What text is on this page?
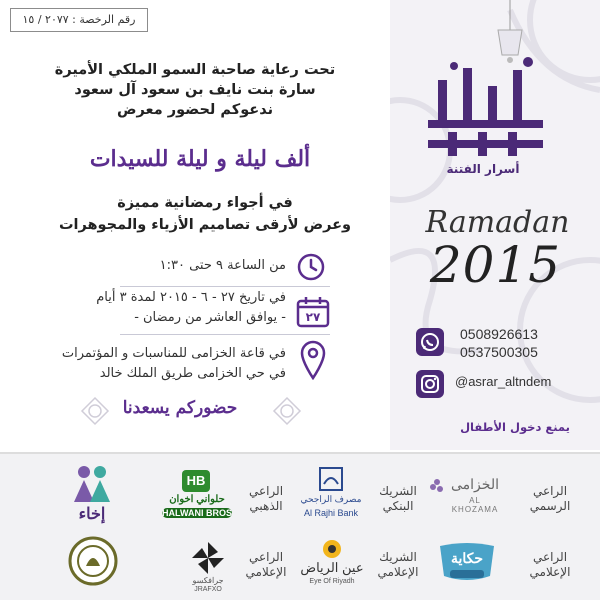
رقم الرخصة : ٢٠٧٧ / ١٥
تحت رعاية صاحبة السمو الملكي الأميرة
سارة بنت نايف بن سعود آل سعود
ندعوكم لحضور معرض
ألف ليلة و ليلة للسيدات
في أجواء رمضانية مميزة
وعرض لأرقى تصاميم الأزياء والمجوهرات
من الساعة ٩ حتى ١:٣٠
٢٧
في تاريخ ٢٧ - ٦ - ٢٠١٥ لمدة ٣ أيام
- يوافق العاشر من رمضان -
في قاعة الخزامى للمناسبات و المؤتمرات
في حي الخزامى طريق الملك خالد
حضوركم يسعدنا
أسرار الفتنة
Ramadan
2015
0508926613
0537500305
@asrar_altndem
يمنع دخول الأطفال
الراعي الرسمي
الخزامى
AL KHOZAMA
الشريك البنكي
مصرف الراجحي
Al Rajhi Bank
الراعي الذهبي
HB
حلواني اخوان
HALWANI BROS
إخاء
الراعي الإعلامي
حكاية
الشريك الإعلامي
عين الرياض
Eye Of Riyadh
الراعي الإعلامي
جرافكسو
JRAFXO
